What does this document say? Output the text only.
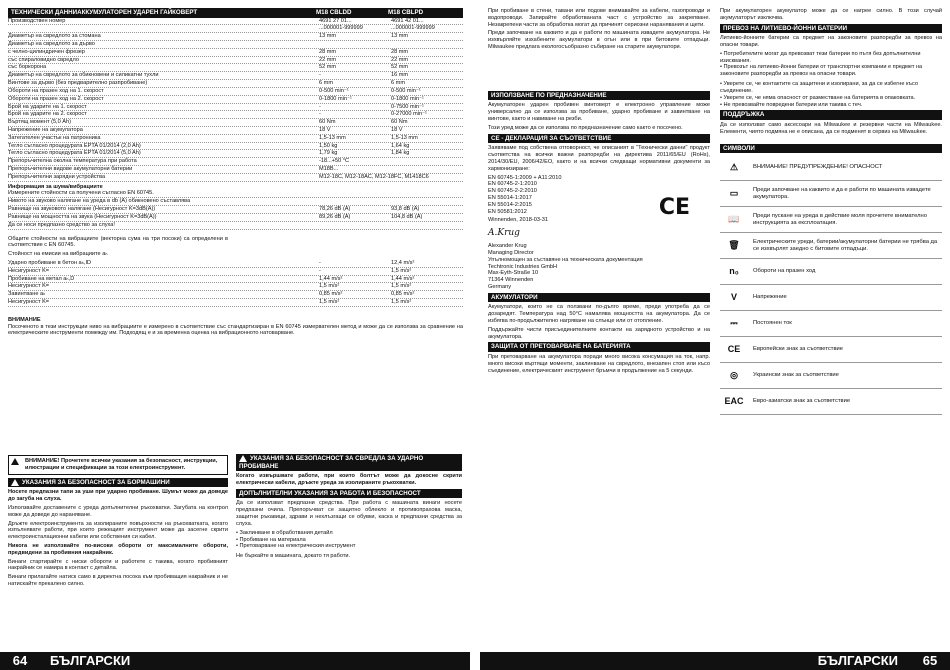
ТЕХНИЧЕСКИ ДАННИАККУМУЛАТОРЕН УДАРЕН ГАЙКОВЕРТ	M18 CBLDD	M18 CBLPD
Производствен номер	4691 27 01...	4691 42 01...
...000001-999999	...000001-999999
Диаметър на свредлото за стомана	13 mm	13 mm
Диаметър на свредлото за дърво
с челно-цилиндричен фрезер	28 mm	28 mm
със спираловидно свредло	22 mm	22 mm
със боркорона	52 mm	52 mm
Диаметър на свредлото за обикновени и силикатни тухли	-	16 mm
Винтове за дърво (без предварително разпробиване)	6 mm	6 mm
Обороти на празен ход на 1. скорост	0-500 min⁻¹	0-500 min⁻¹
Обороти на празен ход на 2. скорост	0-1800 min⁻¹	0-1800 min⁻¹
Брой на ударите на 1. скорост	-	0-7500 min⁻¹
Брой на ударите на 2. скорост	-	0-27000 min⁻¹
Въртящ момент (5,0 Ah)	60 Nm	60 Nm
Напрежение на акумулатора	18 V	18 V
Затегателен участък на патронника	1,5-13 mm	1,5-13 mm
Тегло съгласно процедурата EPTA 01/2014 (2,0 Ah)	1,50 kg	1,64 kg
Тегло съгласно процедурата EPTA 01/2014 (5,0 Ah)	1,79 kg	1,84 kg
Препоръчителна околна температура при работа	-18...+50 °C
Препоръчителни видове акумулаторни батерии	M18B...
Препоръчителни зарядни устройства	M12-18C, M12-18AC, M12-18FC, M1418C6
Информация за шума/вибрациите
Измерените стойности са получени съгласно EN 60745.
Нивото на звуково налягане на уреда в db (A) обикновено съставлява
Равнище на звуковото налягане (Несигурност K=3dB(A))	78,26 dB (A)	93,8 dB (A)
Равнище на мощността на звука (Несигурност K=3dB(A))	89,26 dB (A)	104,8 dB (A)
Да се носи предпазно средство за слуха!

Общите стойности на вибрациите (векторна сума на три посоки) са определени в съответствие с EN 60745.

Стойност на емисии на вибрациите aₕ

Ударно пробиване в бетон aₕ,ID	-	12,4 m/s²
Несигурност K=	-	1,5 m/s²
Пробиване на метал aₕ,D	1,44 m/s²	1,44 m/s²
Несигурност K=	1,5 m/s²	1,5 m/s²
Завинтване aₕ	0,85 m/s²	0,85 m/s²
Несигурност K=	1,5 m/s²	1,5 m/s²
ВНИМАНИЕ

Посоченото в тези инструкции ниво на вибрациите е измерено в съответствие със стандартизиран в EN 60745 измервателен метод и може да се използва за сравнение на електрическите инструменти помежду им. Подходящ е и за временна оценка на вибрационното натоварване.

ВНИМАНИЕ! Прочетете всички указания за безопасност, инструкции, илюстрации и спецификации за този електроинструмент.
УКАЗАНИЯ ЗА БЕЗОПАСНОСТ ЗА БОРМАШИНИ

Носете предпазни тапи за уши при ударно пробиване. Шумът може да доведе до загуба на слуха.

Използвайте доставените с уреда допълнителни ръкохватки. Загубата на контрол може да доведе до нараняване.

Дръжте електроинструмента за изолираните повърхности на ръкохватката, когато изпълнявате работи, при които режещият инструмент може да засегне скрити електроинсталационни кабели или собствения си кабел.

Никога не използвайте по-високи обороти от максималните обороти, предвидени за пробивния накрайник.

Винаги стартирайте с ниски обороти и работете с такива, когато пробивният накрайник се намира в контакт с детайла.

Винаги прилагайте натиск само в директна посока към пробиващия накрайник и не натискайте прекалено силно.

УКАЗАНИЯ ЗА БЕЗОПАСНОСТ ЗА СВРЕДЛА ЗА УДАРНО ПРОБИВАНЕ

Когато извършвате работи, при които болтът може да докосне скрити електрически кабели, дръжте уреда за изолираните ръкохватки.

ДОПЪЛНИТЕЛНИ УКАЗАНИЯ ЗА РАБОТА И БЕЗОПАСНОСТ

Да се използват предпазни средства. При работа с машината винаги носете предпазни очила. Препоръчват се защитно облекло и противопрахова маска, защитни ръкавици, здрави и нехлъзгащи се обувки, каска и предпазни средства за слуха.

• Заклинване в обработвания детайл
• Пробиване на материала
• Претоварване на електрическия инструмент

Не бъркайте в машината, докато тя работи.

64	БЪЛГАРСКИ

При пробиване в стени, тавани или подове внимавайте за кабели, газопроводи и водопроводи. Запирайте обработваната част с устройство за закрепване. Незакрепени части за обработка могат да причинят сериозни наранявания и щети.

Преди започване на каквито и да е работи по машината извадете акумулатора. Не изхвърляйте изхабените акумулатори в огън или в при битовите отпадъци. Milwaukee предлага екологосъобразно събиране на старите акумулатори.

ИЗПОЛЗВАНЕ ПО ПРЕДНАЗНАЧЕНИЕ

Акумулаторен ударен пробивен винтоверт е електронно управление може универсално да се използва за пробиване, ударно пробиване и завинтване на винтове, както и навиване на резби.

Този уред може да се използва по предназначение само както е посочено.

CE - ДЕКЛАРАЦИЯ ЗА СЪОТВЕТСТВИЕ

Заявяваме под собствена отговорност, че описаният в "Технически данни" продукт съответства на всички важни разпоредби на директива 2011/65/EU (RoHs), 2014/30/EU, 2006/42/EO, както и на всички следващи нормативни документи за хармонизиране:

EN 60745-1:2009 + A11:2010
EN 60745-2-1:2010
EN 60745-2-2:2010
EN 55014-1:2017
EN 55014-2:2015
EN 50581:2012
Winnenden, 2018-03-31
A.Krug
CE
Alexander Krug
Managing Director
Упълномощен за съставяне на техническата документация
Techtronic Industries GmbH
Max-Eyth-Straße 10
71364 Winnenden
Germany
АКУМУЛАТОРИ

Акумулатори, които не са ползвани по-дълго време, преди употреба да се дозаредят. Температура над 50°C намалява мощността на акумулатора. Да се избягва по-продължително нагряване на слънце или от отопление.

Поддържайте чисти присъединителните контакти на зарядното устройство и на акумулатора.

ЗАЩИТА ОТ ПРЕТОВАРВАНЕ НА БАТЕРИЯТА

При претоварване на акумулатора поради много висока консумация на ток, напр. много високи въртящи моменти, заклинване на свредлото, внезапен стоп или късо съединение, електрическият инструмент бръмчи в продължение на 5 секунди.

При акумулаторен акумулатор може да се нагрее силно. В този случай акумулаторът изключва.

ПРЕВОЗ НА ЛИТИЕВО-ЙОННИ БАТЕРИИ

Литиево-йонните батерии са предмет на законовите разпоредби за превоз на опасни товари.

• Потребителите могат да превозват тези батерии по пътя без допълнителни изисквания.
• Превозът на литиево-йонни батерии от транспортни компании е предмет на законовите разпоредби за превоз на опасни товари.
• Уверете се, че контактите са защитени и изолирани, за да се избегне късо съединение.
• Уверете се, че няма опасност от разместване на батерията в опаковката.
• Не превозвайте повредени батерии или такива с теч.
ПОДДРЪЖКА

Да се използват само аксесоари на Milwaukee и резервни части на Milwaukee. Елементи, чиято подмяна не е описана, да се подменят в сервиз на Milwaukee.

СИМВОЛИ
⚠	ВНИМАНИЕ! ПРЕДУПРЕЖДЕНИЕ! ОПАСНОСТ
▭	Преди започване на каквито и да е работи по машината извадете акумулатора.
📖	Преди пускане на уреда в действие моля прочетете внимателно инструкцията за експлоатация.
🗑	Електрическите уреди, батерии/акумулаторни батерии не трябва да се изхвърлят заедно с битовите отпадъци.
n₀	Обороти на празен ход
V	Напрежение
⎓	Постоянен ток
CE	Европейски знак за съответствие
◎	Украински знак за съответствие
EAC	Евро-азиатски знак за съответствие
БЪЛГАРСКИ	65
